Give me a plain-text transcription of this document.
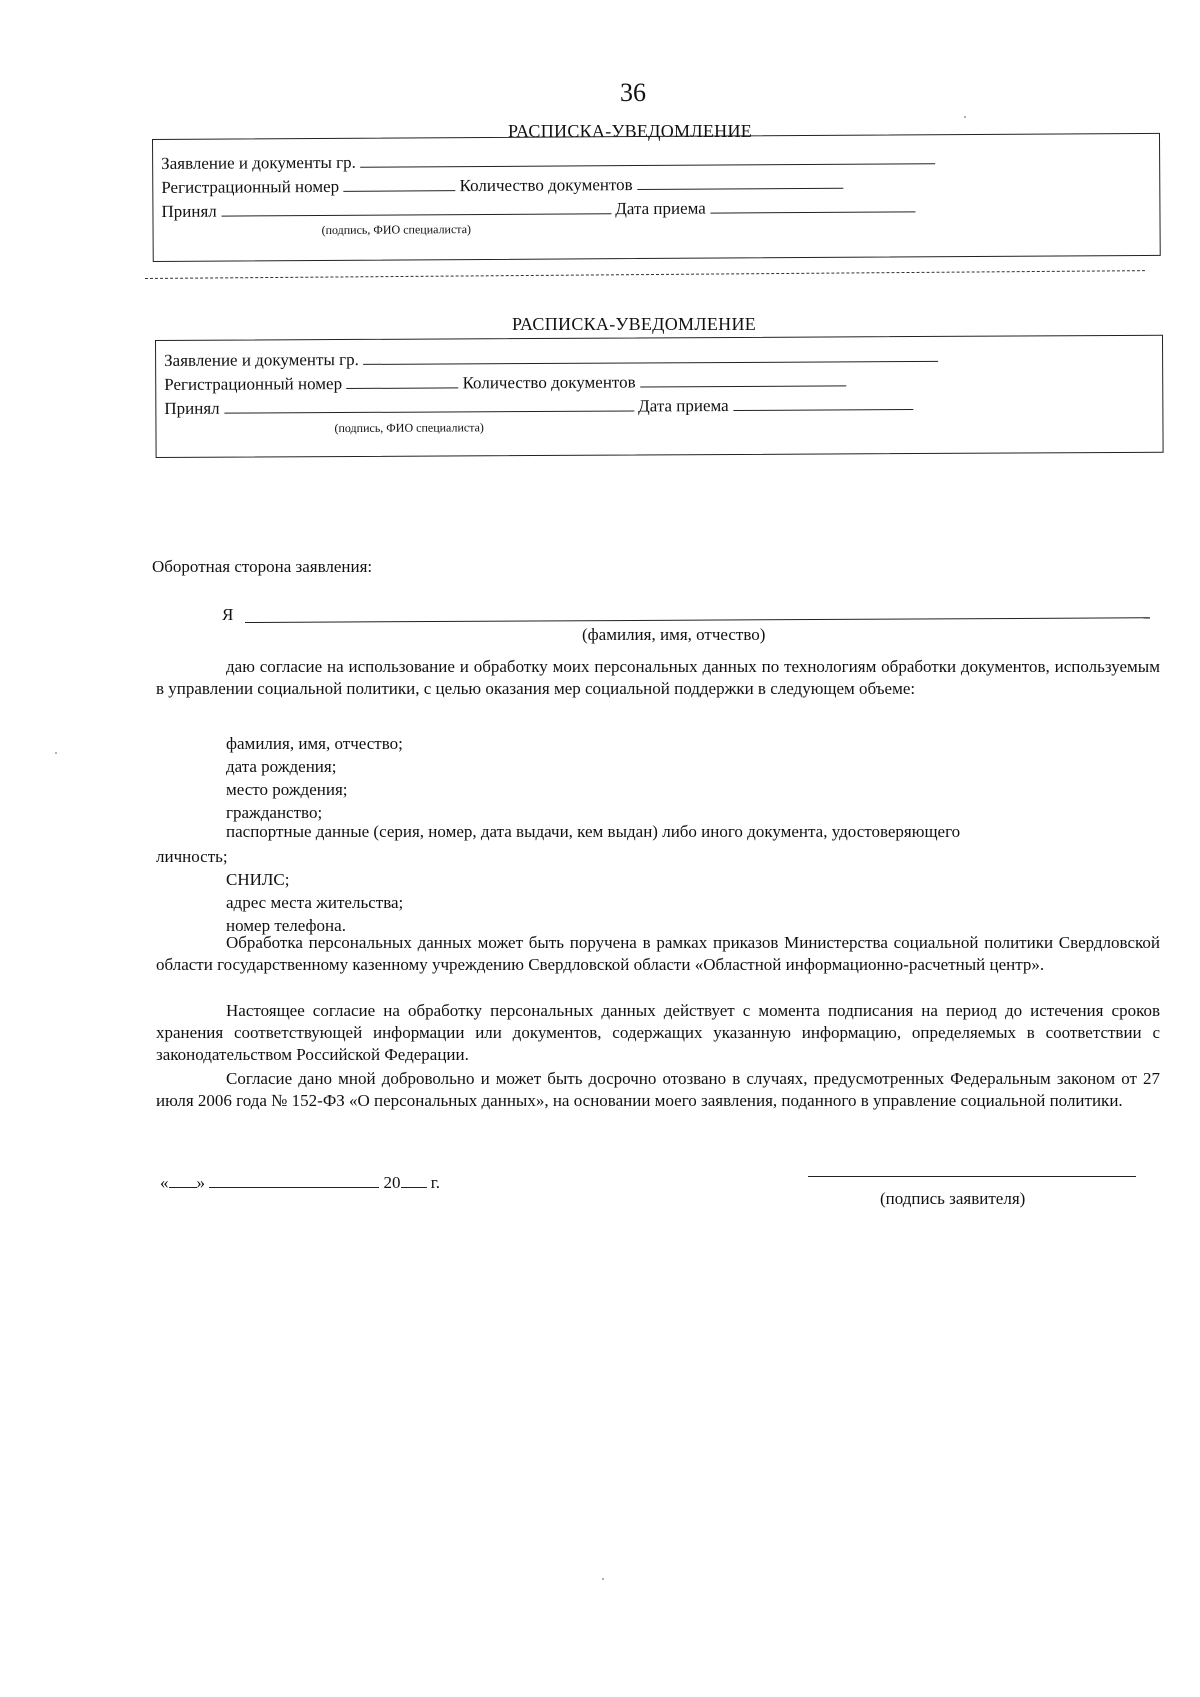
36
РАСПИСКА-УВЕДОМЛЕНИЕ
Заявление и документы гр.
Регистрационный номер	Количество документов
Принял	Дата приема
(подпись, ФИО специалиста)
РАСПИСКА-УВЕДОМЛЕНИЕ
Заявление и документы гр.
Регистрационный номер	Количество документов
Принял	Дата приема
(подпись, ФИО специалиста)
Оборотная сторона заявления:
Я
(фамилия, имя, отчество)
даю согласие на использование и обработку моих персональных данных по технологиям обработки документов, используемым в управлении социальной политики, с целью оказания мер социальной поддержки в следующем объеме:
фамилия, имя, отчество;
дата рождения;
место рождения;
гражданство;
паспортные данные (серия, номер, дата выдачи, кем выдан) либо иного документа, удостоверяющего
личность;
СНИЛС;
адрес места жительства;
номер телефона.
Обработка персональных данных может быть поручена в рамках приказов Министерства социальной политики Свердловской области государственному казенному учреждению Свердловской области «Областной информационно-расчетный центр».
Настоящее согласие на обработку персональных данных действует с момента подписания на период до истечения сроков хранения соответствующей информации или документов, содержащих указанную информацию, определяемых в соответствии с законодательством Российской Федерации.
Согласие дано мной добровольно и может быть досрочно отозвано в случаях, предусмотренных Федеральным законом от 27 июля 2006 года № 152-ФЗ «О персональных данных», на основании моего заявления, поданного в управление социальной политики.
« »	20 г.
(подпись заявителя)
